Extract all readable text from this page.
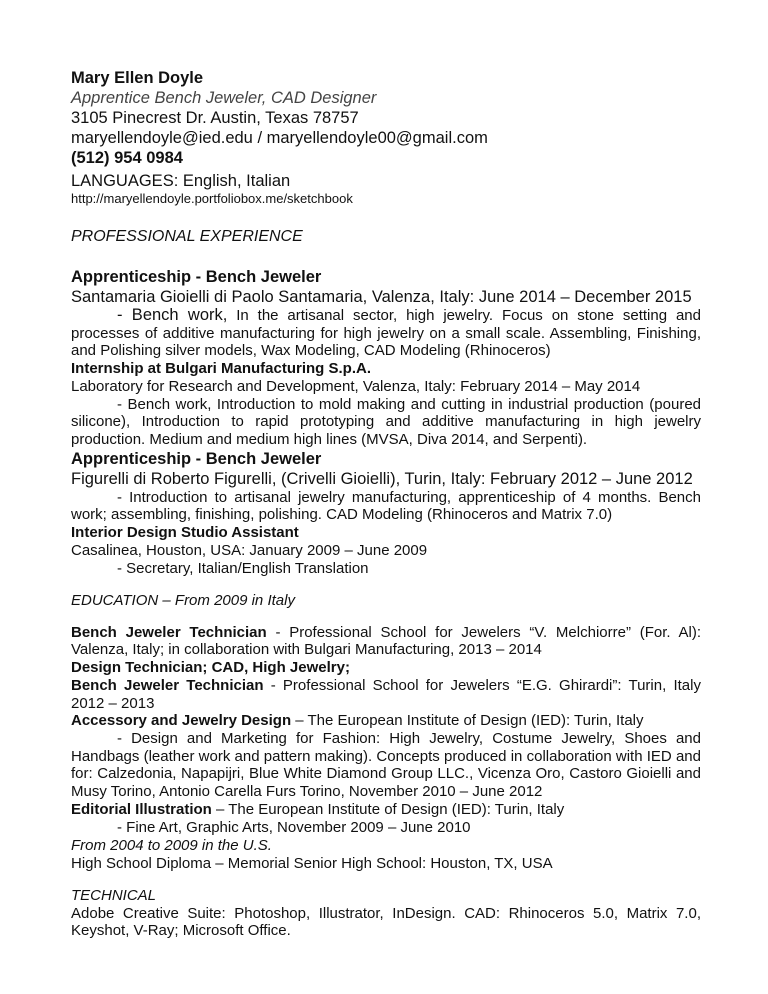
Mary Ellen Doyle
Apprentice Bench Jeweler, CAD Designer
3105 Pinecrest Dr. Austin, Texas 78757
maryellendoyle@ied.edu / maryellendoyle00@gmail.com
(512) 954 0984
LANGUAGES: English, Italian
http://maryellendoyle.portfoliobox.me/sketchbook
PROFESSIONAL EXPERIENCE
Apprenticeship - Bench Jeweler
Santamaria Gioielli di Paolo Santamaria, Valenza, Italy: June 2014 – December 2015
- Bench work, In the artisanal sector, high jewelry. Focus on stone setting and processes of additive manufacturing for high jewelry on a small scale. Assembling, Finishing, and Polishing silver models, Wax Modeling, CAD Modeling (Rhinoceros)
Internship at Bulgari Manufacturing S.p.A.
Laboratory for Research and Development, Valenza, Italy: February 2014 – May 2014
- Bench work, Introduction to mold making and cutting in industrial production (poured silicone), Introduction to rapid prototyping and additive manufacturing in high jewelry production. Medium and medium high lines (MVSA, Diva 2014, and Serpenti).
Apprenticeship - Bench Jeweler
Figurelli di Roberto Figurelli, (Crivelli Gioielli), Turin, Italy: February 2012 – June 2012
- Introduction to artisanal jewelry manufacturing, apprenticeship of 4 months. Bench work; assembling, finishing, polishing. CAD Modeling (Rhinoceros and Matrix 7.0)
Interior Design Studio Assistant
Casalinea, Houston, USA: January 2009 – June 2009
- Secretary, Italian/English Translation
EDUCATION – From 2009 in Italy
Bench Jeweler Technician - Professional School for Jewelers “V. Melchiorre” (For. Al): Valenza, Italy; in collaboration with Bulgari Manufacturing, 2013 – 2014
Design Technician; CAD, High Jewelry;
Bench Jeweler Technician - Professional School for Jewelers “E.G. Ghirardi”: Turin, Italy 2012 – 2013
Accessory and Jewelry Design – The European Institute of Design (IED): Turin, Italy
- Design and Marketing for Fashion: High Jewelry, Costume Jewelry, Shoes and Handbags (leather work and pattern making). Concepts produced in collaboration with IED and for: Calzedonia, Napapijri, Blue White Diamond Group LLC., Vicenza Oro, Castoro Gioielli and Musy Torino, Antonio Carella Furs Torino, November 2010 – June 2012
Editorial Illustration – The European Institute of Design (IED): Turin, Italy
- Fine Art, Graphic Arts, November 2009 – June 2010
From 2004 to 2009 in the U.S.
High School Diploma – Memorial Senior High School: Houston, TX, USA
TECHNICAL
Adobe Creative Suite: Photoshop, Illustrator, InDesign. CAD: Rhinoceros 5.0, Matrix 7.0, Keyshot, V-Ray; Microsoft Office.
